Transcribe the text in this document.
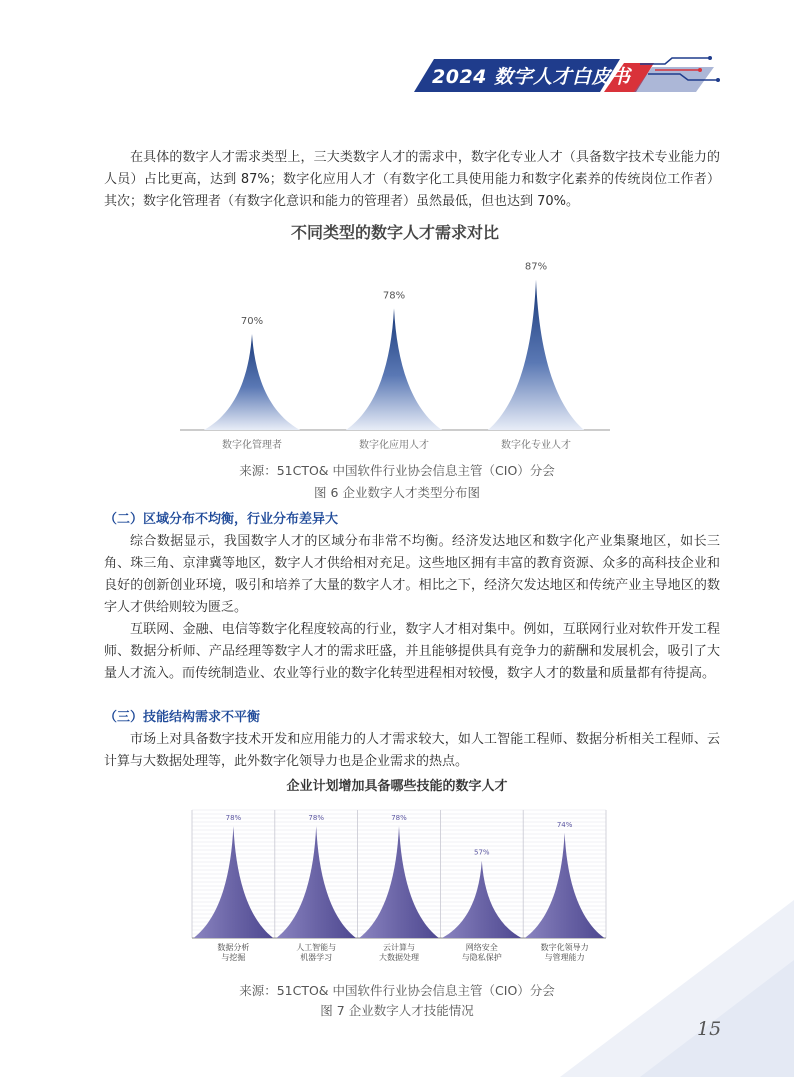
2024 数字人才白皮书

在具体的数字人才需求类型上，三大类数字人才的需求中，数字化专业人才（具备数字技术专业能力的人员）占比更高，达到 87%；数字化应用人才（有数字化工具使用能力和数字化素养的传统岗位工作者）其次；数字化管理者（有数字化意识和能力的管理者）虽然最低，但也达到 70%。

不同类型的数字人才需求对比
70%
数字化管理者
78%
数字化应用人才
87%
数字化专业人才
来源：51CTO& 中国软件行业协会信息主管（CIO）分会
图 6 企业数字人才类型分布图
（二）区域分布不均衡，行业分布差异大

综合数据显示，我国数字人才的区域分布非常不均衡。经济发达地区和数字化产业集聚地区，如长三角、珠三角、京津冀等地区，数字人才供给相对充足。这些地区拥有丰富的教育资源、众多的高科技企业和良好的创新创业环境，吸引和培养了大量的数字人才。相比之下，经济欠发达地区和传统产业主导地区的数字人才供给则较为匮乏。

互联网、金融、电信等数字化程度较高的行业，数字人才相对集中。例如，互联网行业对软件开发工程师、数据分析师、产品经理等数字人才的需求旺盛，并且能够提供具有竞争力的薪酬和发展机会，吸引了大量人才流入。而传统制造业、农业等行业的数字化转型进程相对较慢，数字人才的数量和质量都有待提高。

（三）技能结构需求不平衡

市场上对具备数字技术开发和应用能力的人才需求较大，如人工智能工程师、数据分析相关工程师、云计算与大数据处理等，此外数字化领导力也是企业需求的热点。

企业计划增加具备哪些技能的数字人才
78%
数据分析与挖掘
78%
人工智能与机器学习
78%
云计算与大数据处理
57%
网络安全与隐私保护
74%
数字化领导力与管理能力
来源：51CTO& 中国软件行业协会信息主管（CIO）分会
图 7 企业数字人才技能情况
15
